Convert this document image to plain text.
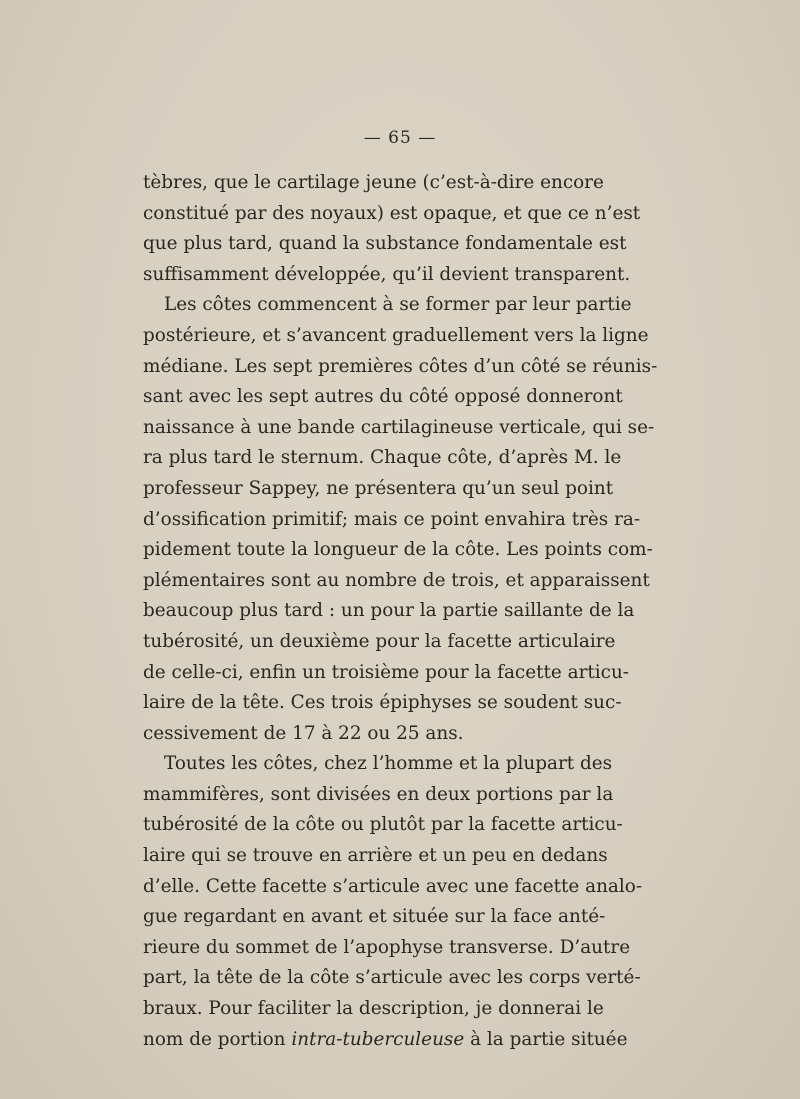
— 65 —
tèbres, que le cartilage jeune (c’est-à-dire encore
constitué par des noyaux) est opaque, et que ce n’est
que plus tard, quand la substance fondamentale est
suffisamment développée, qu’il devient transparent.
Les côtes commencent à se former par leur partie
postérieure, et s’avancent graduellement vers la ligne
médiane. Les sept premières côtes d’un côté se réunis-
sant avec les sept autres du côté opposé donneront
naissance à une bande cartilagineuse verticale, qui se-
ra plus tard le sternum. Chaque côte, d’après M. le
professeur Sappey, ne présentera qu’un seul point
d’ossification primitif; mais ce point envahira très ra-
pidement toute la longueur de la côte. Les points com-
plémentaires sont au nombre de trois, et apparaissent
beaucoup plus tard : un pour la partie saillante de la
tubérosité, un deuxième pour la facette articulaire
de celle-ci, enfin un troisième pour la facette articu-
laire de la tête. Ces trois épiphyses se soudent suc-
cessivement de 17 à 22 ou 25 ans.
Toutes les côtes, chez l’homme et la plupart des
mammifères, sont divisées en deux portions par la
tubérosité de la côte ou plutôt par la facette articu-
laire qui se trouve en arrière et un peu en dedans
d’elle. Cette facette s’articule avec une facette analo-
gue regardant en avant et située sur la face anté-
rieure du sommet de l’apophyse transverse. D’autre
part, la tête de la côte s’articule avec les corps verté-
braux. Pour faciliter la description, je donnerai le
nom de portion intra-tuberculeuse à la partie située
